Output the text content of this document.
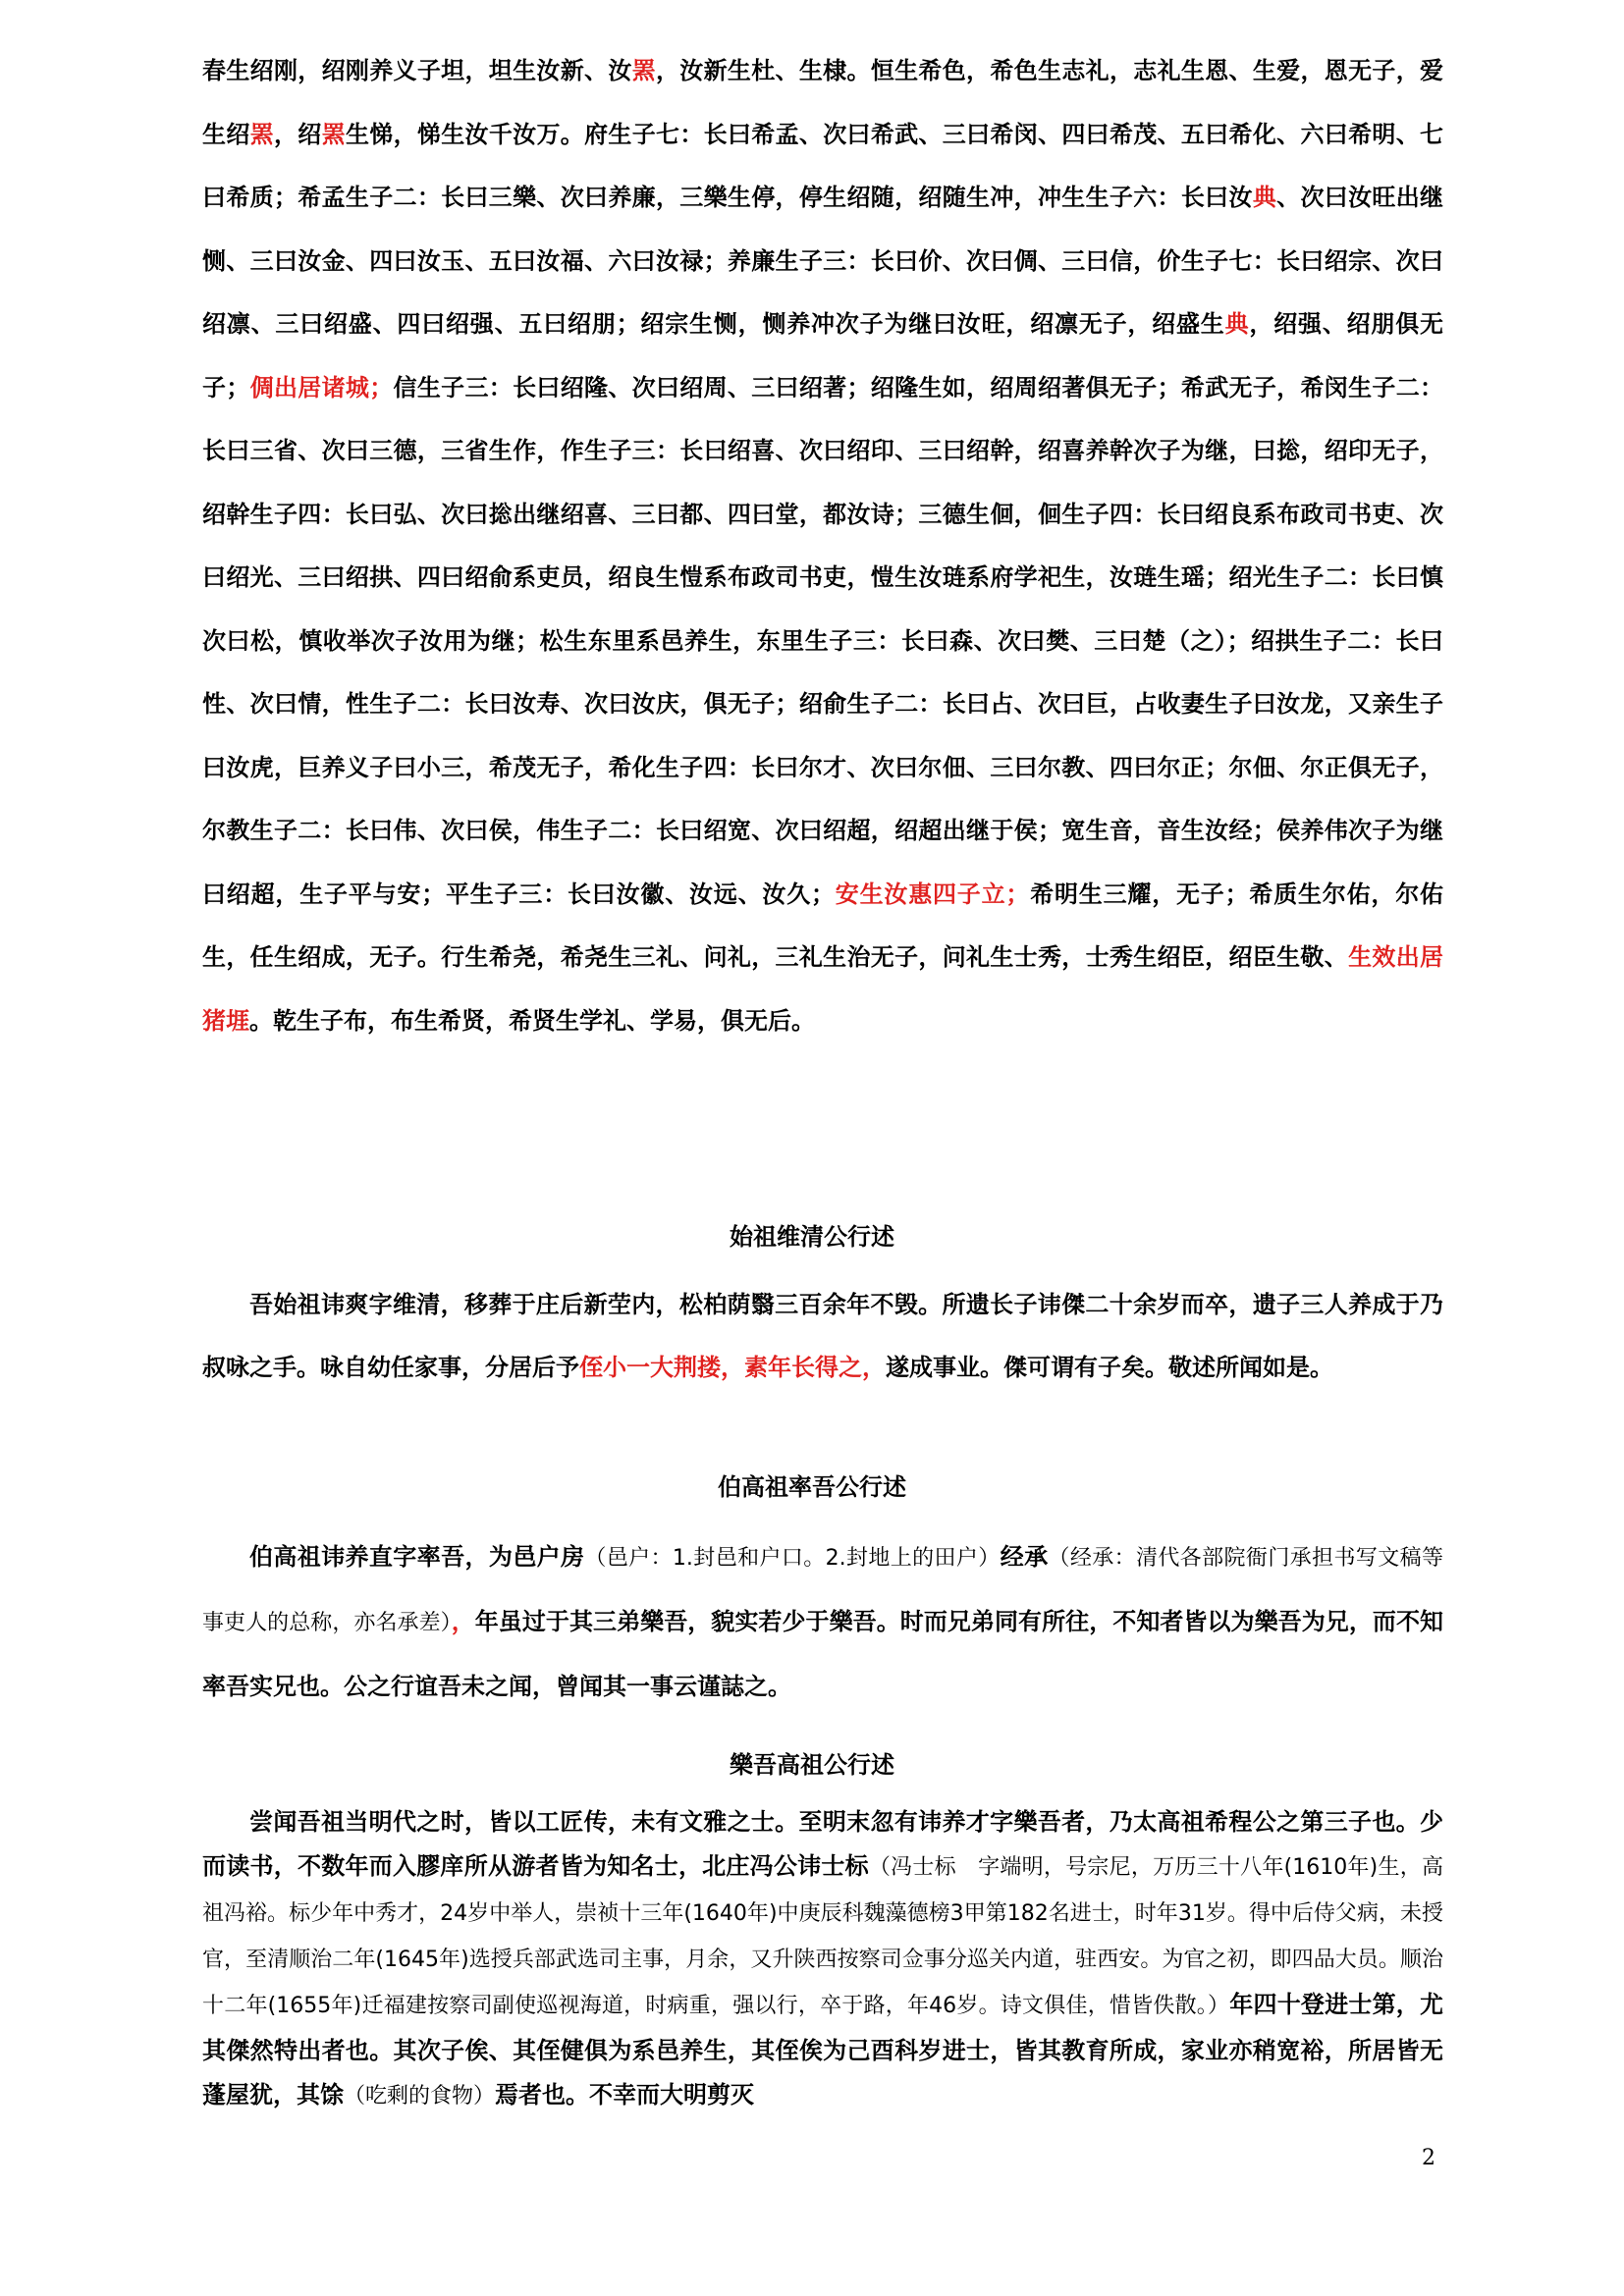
春生绍刚，绍刚养义子坦，坦生汝新、汝罴，汝新生杜、生棣。恒生希色，希色生志礼，志礼生恩、生爱，恩无子，爱生绍罴，绍罴生悌，悌生汝千汝万。府生子七：长曰希孟、次曰希武、三曰希闵、四曰希茂、五曰希化、六曰希明、七曰希质；希孟生子二：长曰三樂、次曰养廉，三樂生停，停生绍随，绍随生冲，冲生生子六：长曰汝典、次曰汝旺出继恻、三曰汝金、四曰汝玉、五曰汝福、六曰汝禄；养廉生子三：长曰价、次曰倜、三曰信，价生子七：长曰绍宗、次曰绍凛、三曰绍盛、四曰绍强、五曰绍朋；绍宗生恻，恻养冲次子为继曰汝旺，绍凛无子，绍盛生典，绍强、绍朋俱无子；倜出居诸城；信生子三：长曰绍隆、次曰绍周、三曰绍著；绍隆生如，绍周绍著俱无子；希武无子，希闵生子二：长曰三省、次曰三德，三省生作，作生子三：长曰绍喜、次曰绍印、三曰绍幹，绍喜养幹次子为继，曰捴，绍印无子，绍幹生子四：长曰弘、次曰捴出继绍喜、三曰都、四曰堂，都汝诗；三德生佪，佪生子四：长曰绍良系布政司书吏、次曰绍光、三曰绍拱、四曰绍俞系吏员，绍良生愷系布政司书吏，愷生汝琏系府学祀生，汝琏生瑶；绍光生子二：长曰慎次曰松，慎收举次子汝用为继；松生东里系邑养生，东里生子三：长曰森、次曰樊、三曰楚（之）；绍拱生子二：长曰性、次曰情，性生子二：长曰汝寿、次曰汝庆，俱无子；绍俞生子二：长曰占、次曰巨，占收妻生子曰汝龙，又亲生子曰汝虎，巨养义子曰小三，希茂无子，希化生子四：长曰尔才、次曰尔佃、三曰尔教、四曰尔正；尔佃、尔正俱无子，尔教生子二：长曰伟、次曰侯，伟生子二：长曰绍宽、次曰绍超，绍超出继于侯；宽生音，音生汝经；侯养伟次子为继曰绍超，生子平与安；平生子三：长曰汝徽、汝远、汝久；安生汝惠四子立；希明生三耀，无子；希质生尔佑，尔佑生，任生绍成，无子。行生希尧，希尧生三礼、问礼，三礼生治无子，问礼生士秀，士秀生绍臣，绍臣生敬、生效出居猪堐。乾生子布，布生希贤，希贤生学礼、学易，俱无后。

始祖维清公行述

吾始祖讳爽字维清，移葬于庄后新茔内，松柏荫翳三百余年不毁。所遗长子讳傑二十余岁而卒，遗子三人养成于乃叔咏之手。咏自幼任家事，分居后予侄小一大荆搂，素年长得之，遂成事业。傑可谓有子矣。敬述所闻如是。

伯高祖率吾公行述

伯高祖讳养直字率吾，为邑户房（邑户：1.封邑和户口。2.封地上的田户）经承（经承：清代各部院衙门承担书写文稿等事吏人的总称，亦名承差），年虽过于其三弟樂吾，貌实若少于樂吾。时而兄弟同有所往，不知者皆以为樂吾为兄，而不知率吾实兄也。公之行谊吾未之闻，曾闻其一事云谨誌之。

樂吾高祖公行述

尝闻吾祖当明代之时，皆以工匠传，未有文雅之士。至明末忽有讳养才字樂吾者，乃太高祖希程公之第三子也。少而读书，不数年而入膠庠所从游者皆为知名士，北庄冯公讳士标（冯士标　字端明，号宗尼，万历三十八年(1610年)生，高祖冯裕。标少年中秀才，24岁中举人，崇祯十三年(1640年)中庚辰科魏藻德榜3甲第182名进士，时年31岁。得中后侍父病，未授官，至清顺治二年(1645年)选授兵部武选司主事，月余，又升陕西按察司佥事分巡关内道，驻西安。为官之初，即四品大员。顺治十二年(1655年)迁福建按察司副使巡视海道，时病重，强以行，卒于路，年46岁。诗文俱佳，惜皆佚散。）年四十登进士第，尤其傑然特出者也。其次子俟、其侄健俱为系邑养生，其侄俟为己酉科岁进士，皆其教育所成，家业亦稍宽裕，所居皆无蓬屋犹，其馀（吃剩的食物）焉者也。不幸而大明剪灭

2
